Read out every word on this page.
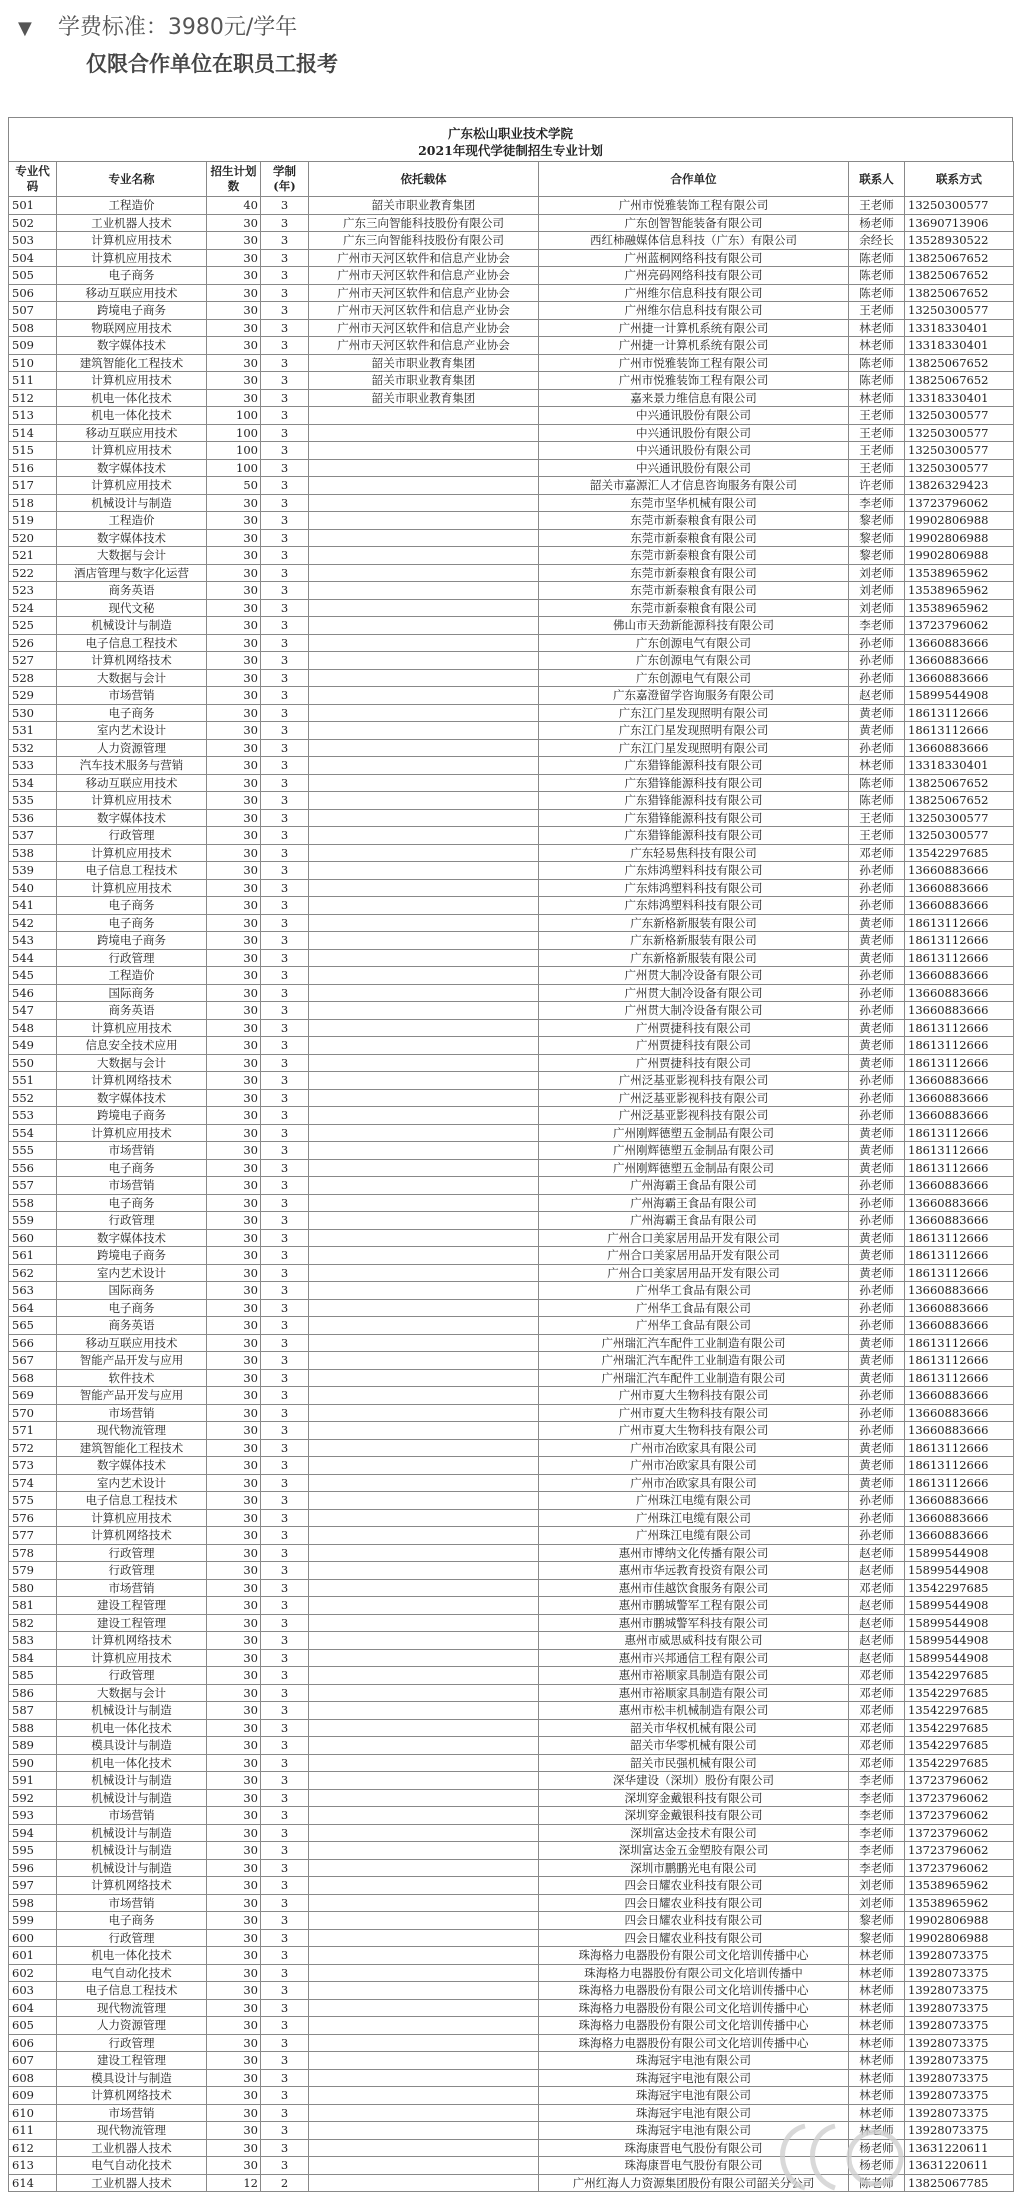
▼ 学费标准：3980元/学年
仅限合作单位在职员工报考
广东松山职业技术学院
2021年现代学徒制招生专业计划
专业代码	专业名称	招生计划数	学制(年)	依托载体	合作单位	联系人	联系方式
501	工程造价	40	3	韶关市职业教育集团	广州市悦雅装饰工程有限公司	王老师	13250300577
502	工业机器人技术	30	3	广东三向智能科技股份有限公司	广东创智智能装备有限公司	杨老师	13690713906
503	计算机应用技术	30	3	广东三向智能科技股份有限公司	西红柿融媒体信息科技（广东）有限公司	余经长	13528930522
504	计算机应用技术	30	3	广州市天河区软件和信息产业协会	广州蓝桐网络科技有限公司	陈老师	13825067652
505	电子商务	30	3	广州市天河区软件和信息产业协会	广州亮码网络科技有限公司	陈老师	13825067652
506	移动互联应用技术	30	3	广州市天河区软件和信息产业协会	广州维尔信息科技有限公司	陈老师	13825067652
507	跨境电子商务	30	3	广州市天河区软件和信息产业协会	广州维尔信息科技有限公司	王老师	13250300577
508	物联网应用技术	30	3	广州市天河区软件和信息产业协会	广州捷一计算机系统有限公司	林老师	13318330401
509	数字媒体技术	30	3	广州市天河区软件和信息产业协会	广州捷一计算机系统有限公司	林老师	13318330401
510	建筑智能化工程技术	30	3	韶关市职业教育集团	广州市悦雅装饰工程有限公司	陈老师	13825067652
511	计算机应用技术	30	3	韶关市职业教育集团	广州市悦雅装饰工程有限公司	陈老师	13825067652
512	机电一体化技术	30	3	韶关市职业教育集团	嘉来景力维信息有限公司	林老师	13318330401
513	机电一体化技术	100	3		中兴通讯股份有限公司	王老师	13250300577
514	移动互联应用技术	100	3		中兴通讯股份有限公司	王老师	13250300577
515	计算机应用技术	100	3		中兴通讯股份有限公司	王老师	13250300577
516	数字媒体技术	100	3		中兴通讯股份有限公司	王老师	13250300577
517	计算机应用技术	50	3		韶关市嘉源汇人才信息咨询服务有限公司	许老师	13826329423
518	机械设计与制造	30	3		东莞市坚华机械有限公司	李老师	13723796062
519	工程造价	30	3		东莞市新泰粮食有限公司	黎老师	19902806988
520	数字媒体技术	30	3		东莞市新泰粮食有限公司	黎老师	19902806988
521	大数据与会计	30	3		东莞市新泰粮食有限公司	黎老师	19902806988
522	酒店管理与数字化运营	30	3		东莞市新泰粮食有限公司	刘老师	13538965962
523	商务英语	30	3		东莞市新泰粮食有限公司	刘老师	13538965962
524	现代文秘	30	3		东莞市新泰粮食有限公司	刘老师	13538965962
525	机械设计与制造	30	3		佛山市天劲新能源科技有限公司	李老师	13723796062
526	电子信息工程技术	30	3		广东创源电气有限公司	孙老师	13660883666
527	计算机网络技术	30	3		广东创源电气有限公司	孙老师	13660883666
528	大数据与会计	30	3		广东创源电气有限公司	孙老师	13660883666
529	市场营销	30	3		广东嘉澄留学咨询服务有限公司	赵老师	15899544908
530	电子商务	30	3		广东江门星发现照明有限公司	黄老师	18613112666
531	室内艺术设计	30	3		广东江门星发现照明有限公司	黄老师	18613112666
532	人力资源管理	30	3		广东江门星发现照明有限公司	孙老师	13660883666
533	汽车技术服务与营销	30	3		广东猎锋能源科技有限公司	林老师	13318330401
534	移动互联应用技术	30	3		广东猎锋能源科技有限公司	陈老师	13825067652
535	计算机应用技术	30	3		广东猎锋能源科技有限公司	陈老师	13825067652
536	数字媒体技术	30	3		广东猎锋能源科技有限公司	王老师	13250300577
537	行政管理	30	3		广东猎锋能源科技有限公司	王老师	13250300577
538	计算机应用技术	30	3		广东轻易焦科技有限公司	邓老师	13542297685
539	电子信息工程技术	30	3		广东炜鸿塑料科技有限公司	孙老师	13660883666
540	计算机应用技术	30	3		广东炜鸿塑料科技有限公司	孙老师	13660883666
541	电子商务	30	3		广东炜鸿塑料科技有限公司	孙老师	13660883666
542	电子商务	30	3		广东新格新服装有限公司	黄老师	18613112666
543	跨境电子商务	30	3		广东新格新服装有限公司	黄老师	18613112666
544	行政管理	30	3		广东新格新服装有限公司	黄老师	18613112666
545	工程造价	30	3		广州贯大制冷设备有限公司	孙老师	13660883666
546	国际商务	30	3		广州贯大制冷设备有限公司	孙老师	13660883666
547	商务英语	30	3		广州贯大制冷设备有限公司	孙老师	13660883666
548	计算机应用技术	30	3		广州贾捷科技有限公司	黄老师	18613112666
549	信息安全技术应用	30	3		广州贾捷科技有限公司	黄老师	18613112666
550	大数据与会计	30	3		广州贾捷科技有限公司	黄老师	18613112666
551	计算机网络技术	30	3		广州泛基亚影视科技有限公司	孙老师	13660883666
552	数字媒体技术	30	3		广州泛基亚影视科技有限公司	孙老师	13660883666
553	跨境电子商务	30	3		广州泛基亚影视科技有限公司	孙老师	13660883666
554	计算机应用技术	30	3		广州刚辉德塑五金制品有限公司	黄老师	18613112666
555	市场营销	30	3		广州刚辉德塑五金制品有限公司	黄老师	18613112666
556	电子商务	30	3		广州刚辉德塑五金制品有限公司	黄老师	18613112666
557	市场营销	30	3		广州海霸王食品有限公司	孙老师	13660883666
558	电子商务	30	3		广州海霸王食品有限公司	孙老师	13660883666
559	行政管理	30	3		广州海霸王食品有限公司	孙老师	13660883666
560	数字媒体技术	30	3		广州合口美家居用品开发有限公司	黄老师	18613112666
561	跨境电子商务	30	3		广州合口美家居用品开发有限公司	黄老师	18613112666
562	室内艺术设计	30	3		广州合口美家居用品开发有限公司	黄老师	18613112666
563	国际商务	30	3		广州华工食品有限公司	孙老师	13660883666
564	电子商务	30	3		广州华工食品有限公司	孙老师	13660883666
565	商务英语	30	3		广州华工食品有限公司	孙老师	13660883666
566	移动互联应用技术	30	3		广州瑞汇汽车配件工业制造有限公司	黄老师	18613112666
567	智能产品开发与应用	30	3		广州瑞汇汽车配件工业制造有限公司	黄老师	18613112666
568	软件技术	30	3		广州瑞汇汽车配件工业制造有限公司	黄老师	18613112666
569	智能产品开发与应用	30	3		广州市夏大生物科技有限公司	孙老师	13660883666
570	市场营销	30	3		广州市夏大生物科技有限公司	孙老师	13660883666
571	现代物流管理	30	3		广州市夏大生物科技有限公司	孙老师	13660883666
572	建筑智能化工程技术	30	3		广州市冶欧家具有限公司	黄老师	18613112666
573	数字媒体技术	30	3		广州市冶欧家具有限公司	黄老师	18613112666
574	室内艺术设计	30	3		广州市冶欧家具有限公司	黄老师	18613112666
575	电子信息工程技术	30	3		广州珠江电缆有限公司	孙老师	13660883666
576	计算机应用技术	30	3		广州珠江电缆有限公司	孙老师	13660883666
577	计算机网络技术	30	3		广州珠江电缆有限公司	孙老师	13660883666
578	行政管理	30	3		惠州市博纳文化传播有限公司	赵老师	15899544908
579	行政管理	30	3		惠州市华远教育投资有限公司	赵老师	15899544908
580	市场营销	30	3		惠州市佳越饮食服务有限公司	邓老师	13542297685
581	建设工程管理	30	3		惠州市鹏城警军工程有限公司	赵老师	15899544908
582	建设工程管理	30	3		惠州市鹏城警军科技有限公司	赵老师	15899544908
583	计算机网络技术	30	3		惠州市威思威科技有限公司	赵老师	15899544908
584	计算机应用技术	30	3		惠州市兴邦通信工程有限公司	赵老师	15899544908
585	行政管理	30	3		惠州市裕顺家具制造有限公司	邓老师	13542297685
586	大数据与会计	30	3		惠州市裕顺家具制造有限公司	邓老师	13542297685
587	机械设计与制造	30	3		惠州市松丰机械制造有限公司	邓老师	13542297685
588	机电一体化技术	30	3		韶关市华权机械有限公司	邓老师	13542297685
589	模具设计与制造	30	3		韶关市华零机械有限公司	邓老师	13542297685
590	机电一体化技术	30	3		韶关市民强机械有限公司	邓老师	13542297685
591	机械设计与制造	30	3		深华建设（深圳）股份有限公司	李老师	13723796062
592	机械设计与制造	30	3		深圳穿金戴银科技有限公司	李老师	13723796062
593	市场营销	30	3		深圳穿金戴银科技有限公司	李老师	13723796062
594	机械设计与制造	30	3		深圳富达金技术有限公司	李老师	13723796062
595	机械设计与制造	30	3		深圳富达金五金塑胶有限公司	李老师	13723796062
596	机械设计与制造	30	3		深圳市鹏鹏光电有限公司	李老师	13723796062
597	计算机网络技术	30	3		四会日耀农业科技有限公司	刘老师	13538965962
598	市场营销	30	3		四会日耀农业科技有限公司	刘老师	13538965962
599	电子商务	30	3		四会日耀农业科技有限公司	黎老师	19902806988
600	行政管理	30	3		四会日耀农业科技有限公司	黎老师	19902806988
601	机电一体化技术	30	3		珠海格力电器股份有限公司文化培训传播中心	林老师	13928073375
602	电气自动化技术	30	3		珠海格力电器股份有限公司文化培训传播中	林老师	13928073375
603	电子信息工程技术	30	3		珠海格力电器股份有限公司文化培训传播中心	林老师	13928073375
604	现代物流管理	30	3		珠海格力电器股份有限公司文化培训传播中心	林老师	13928073375
605	人力资源管理	30	3		珠海格力电器股份有限公司文化培训传播中心	林老师	13928073375
606	行政管理	30	3		珠海格力电器股份有限公司文化培训传播中心	林老师	13928073375
607	建设工程管理	30	3		珠海冠宇电池有限公司	林老师	13928073375
608	模具设计与制造	30	3		珠海冠宇电池有限公司	林老师	13928073375
609	计算机网络技术	30	3		珠海冠宇电池有限公司	林老师	13928073375
610	市场营销	30	3		珠海冠宇电池有限公司	林老师	13928073375
611	现代物流管理	30	3		珠海冠宇电池有限公司	林老师	13928073375
612	工业机器人技术	30	3		珠海康晋电气股份有限公司	杨老师	13631220611
613	电气自动化技术	30	3		珠海康晋电气股份有限公司	杨老师	13631220611
614	工业机器人技术	12	2		广州红海人力资源集团股份有限公司韶关分公司	陈老师	13825067785
